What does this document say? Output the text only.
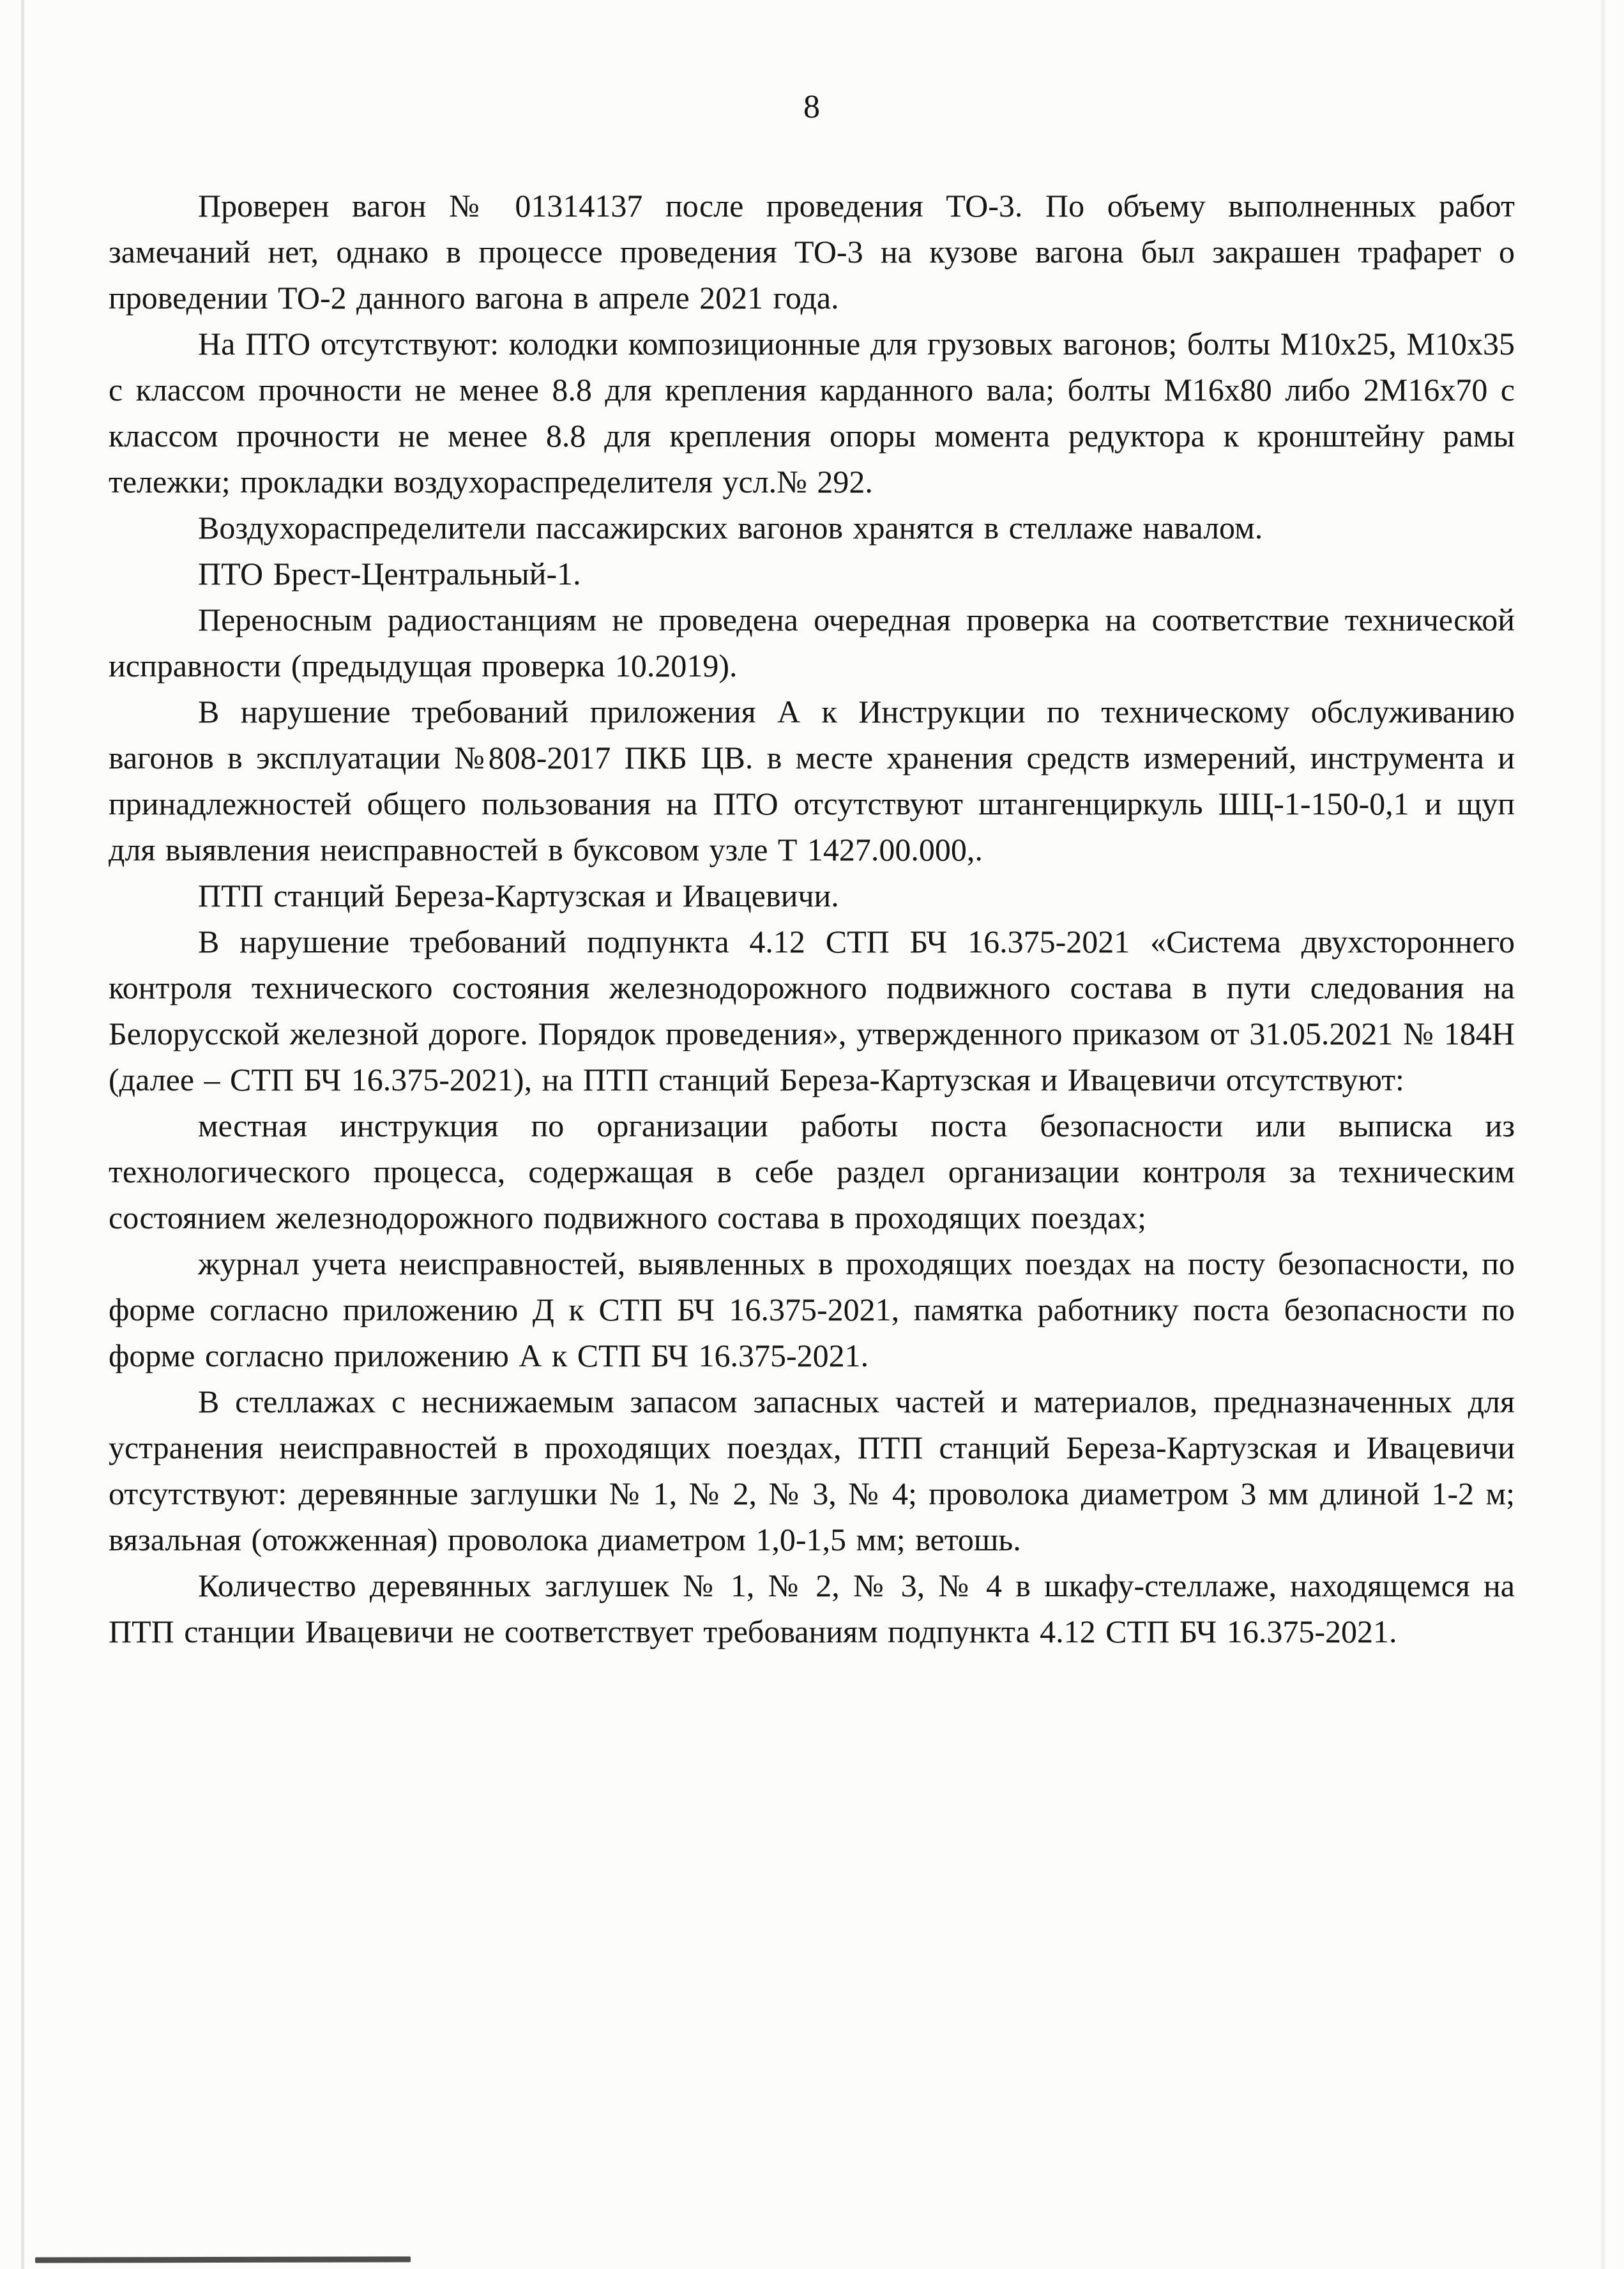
8

Проверен вагон № 01314137 после проведения ТО-3. По объему выполненных работ замечаний нет, однако в процессе проведения ТО-3 на кузове вагона был закрашен трафарет о проведении ТО-2 данного вагона в апреле 2021 года.

На ПТО отсутствуют: колодки композиционные для грузовых вагонов; болты М10х25, М10х35 с классом прочности не менее 8.8 для крепления карданного вала; болты М16х80 либо 2М16х70 с классом прочности не менее 8.8 для крепления опоры момента редуктора к кронштейну рамы тележки; прокладки воздухораспределителя усл.№ 292.

Воздухораспределители пассажирских вагонов хранятся в стеллаже навалом.

ПТО Брест-Центральный-1.

Переносным радиостанциям не проведена очередная проверка на соответствие технической исправности (предыдущая проверка 10.2019).

В нарушение требований приложения А к Инструкции по техническому обслуживанию вагонов в эксплуатации №808-2017 ПКБ ЦВ. в месте хранения средств измерений, инструмента и принадлежностей общего пользования на ПТО отсутствуют штангенциркуль ШЦ-1-150-0,1 и щуп для выявления неисправностей в буксовом узле Т 1427.00.000,.

ПТП станций Береза-Картузская и Ивацевичи.

В нарушение требований подпункта 4.12 СТП БЧ 16.375-2021 «Система двухстороннего контроля технического состояния железнодорожного подвижного состава в пути следования на Белорусской железной дороге. Порядок проведения», утвержденного приказом от 31.05.2021 № 184Н (далее – СТП БЧ 16.375-2021), на ПТП станций Береза-Картузская и Ивацевичи отсутствуют:

местная инструкция по организации работы поста безопасности или выписка из технологического процесса, содержащая в себе раздел организации контроля за техническим состоянием железнодорожного подвижного состава в проходящих поездах;

журнал учета неисправностей, выявленных в проходящих поездах на посту безопасности, по форме согласно приложению Д к СТП БЧ 16.375-2021, памятка работнику поста безопасности по форме согласно приложению А к СТП БЧ 16.375-2021.

В стеллажах с неснижаемым запасом запасных частей и материалов, предназначенных для устранения неисправностей в проходящих поездах, ПТП станций Береза-Картузская и Ивацевичи отсутствуют: деревянные заглушки № 1, № 2, № 3, № 4; проволока диаметром 3 мм длиной 1-2 м; вязальная (отожженная) проволока диаметром 1,0-1,5 мм; ветошь.

Количество деревянных заглушек № 1, № 2, № 3, № 4 в шкафу-стеллаже, находящемся на ПТП станции Ивацевичи не соответствует требованиям подпункта 4.12 СТП БЧ 16.375-2021.
